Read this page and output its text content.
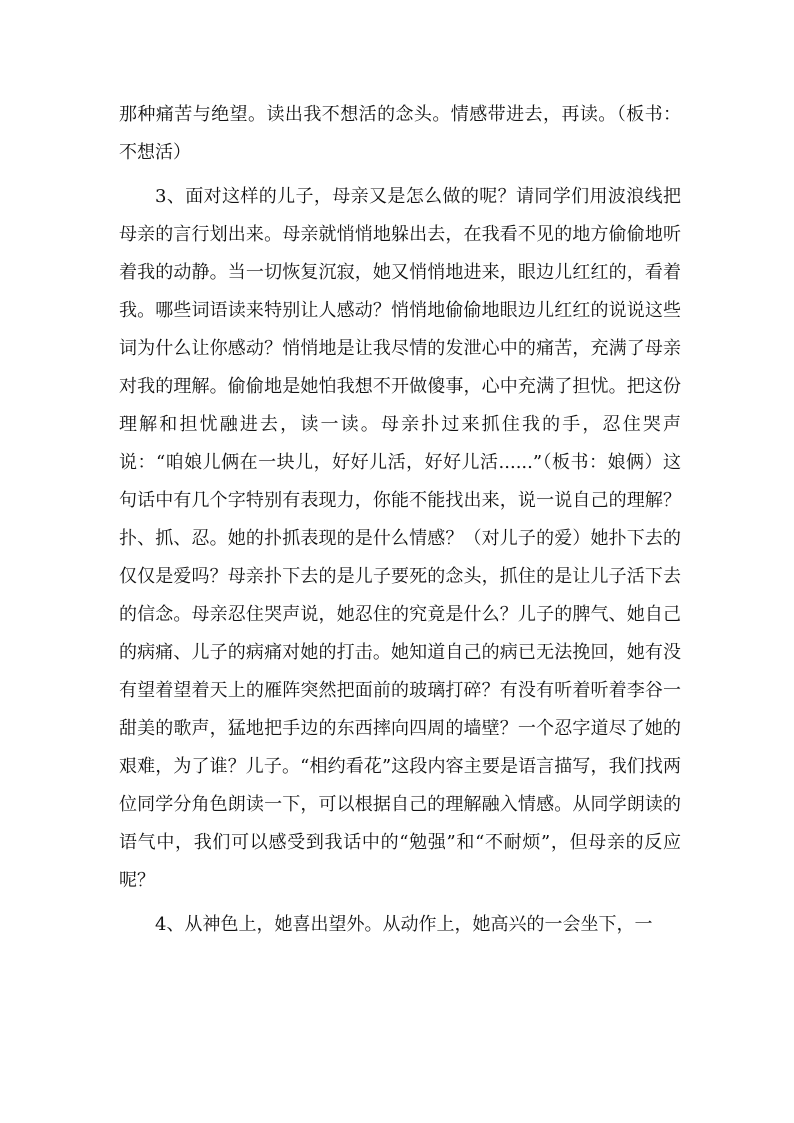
那种痛苦与绝望。读出我不想活的念头。情感带进去，再读。（板书：不想活）

3、面对这样的儿子，母亲又是怎么做的呢？请同学们用波浪线把母亲的言行划出来。母亲就悄悄地躲出去，在我看不见的地方偷偷地听着我的动静。当一切恢复沉寂，她又悄悄地进来，眼边儿红红的，看着我。哪些词语读来特别让人感动？悄悄地偷偷地眼边儿红红的说说这些词为什么让你感动？悄悄地是让我尽情的发泄心中的痛苦，充满了母亲对我的理解。偷偷地是她怕我想不开做傻事，心中充满了担忧。把这份理解和担忧融进去，读一读。母亲扑过来抓住我的手，忍住哭声说：“咱娘儿俩在一块儿，好好儿活，好好儿活......”（板书：娘俩）这句话中有几个字特别有表现力，你能不能找出来，说一说自己的理解？扑、抓、忍。她的扑抓表现的是什么情感？（对儿子的爱）她扑下去的仅仅是爱吗？母亲扑下去的是儿子要死的念头，抓住的是让儿子活下去的信念。母亲忍住哭声说，她忍住的究竟是什么？儿子的脾气、她自己的病痛、儿子的病痛对她的打击。她知道自己的病已无法挽回，她有没有望着望着天上的雁阵突然把面前的玻璃打碎？有没有听着听着李谷一甜美的歌声，猛地把手边的东西摔向四周的墙壁？一个忍字道尽了她的艰难，为了谁？儿子。“相约看花”这段内容主要是语言描写，我们找两位同学分角色朗读一下，可以根据自己的理解融入情感。从同学朗读的语气中，我们可以感受到我话中的“勉强”和“不耐烦”，但母亲的反应呢？

4、从神色上，她喜出望外。从动作上，她高兴的一会坐下，一
